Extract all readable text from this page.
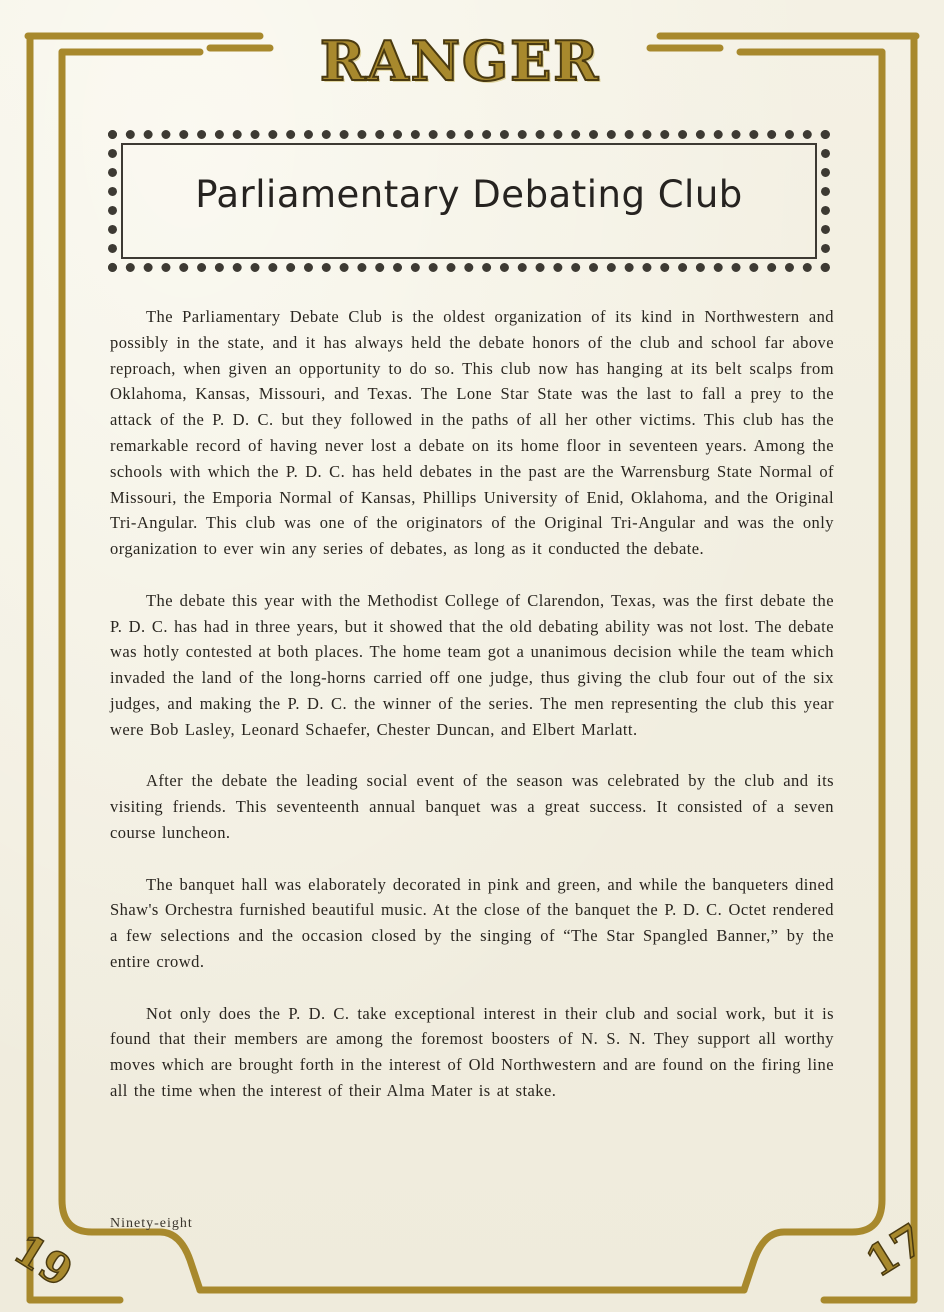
RANGER
Parliamentary Debating Club

The Parliamentary Debate Club is the oldest organization of its kind in Northwestern and possibly in the state, and it has always held the debate honors of the club and school far above reproach, when given an opportunity to do so. This club now has hanging at its belt scalps from Oklahoma, Kansas, Missouri, and Texas. The Lone Star State was the last to fall a prey to the attack of the P. D. C. but they followed in the paths of all her other victims. This club has the remarkable record of having never lost a debate on its home floor in seventeen years. Among the schools with which the P. D. C. has held debates in the past are the Warrensburg State Normal of Missouri, the Emporia Normal of Kansas, Phillips University of Enid, Oklahoma, and the Original Tri-Angular. This club was one of the originators of the Original Tri-Angular and was the only organization to ever win any series of debates, as long as it conducted the debate.

The debate this year with the Methodist College of Clarendon, Texas, was the first debate the P. D. C. has had in three years, but it showed that the old debating ability was not lost. The debate was hotly contested at both places. The home team got a unanimous decision while the team which invaded the land of the long-horns carried off one judge, thus giving the club four out of the six judges, and making the P. D. C. the winner of the series. The men representing the club this year were Bob Lasley, Leonard Schaefer, Chester Duncan, and Elbert Marlatt.

After the debate the leading social event of the season was celebrated by the club and its visiting friends. This seventeenth annual banquet was a great success. It consisted of a seven course luncheon.

The banquet hall was elaborately decorated in pink and green, and while the banqueters dined Shaw's Orchestra furnished beautiful music. At the close of the banquet the P. D. C. Octet rendered a few selections and the occasion closed by the singing of “The Star Spangled Banner,” by the entire crowd.

Not only does the P. D. C. take exceptional interest in their club and social work, but it is found that their members are among the foremost boosters of N. S. N. They support all worthy moves which are brought forth in the interest of Old Northwestern and are found on the firing line all the time when the interest of their Alma Mater is at stake.

Ninety-eight
19	17
